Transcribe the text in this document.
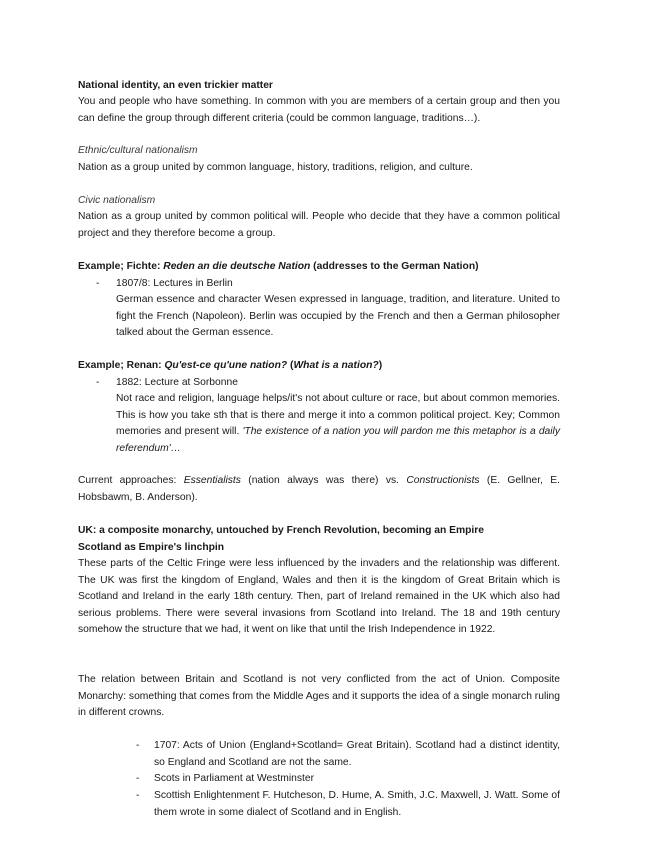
National identity, an even trickier matter

You and people who have something. In common with you are members of a certain group and then you can define the group through different criteria (could be common language, traditions…).

Ethnic/cultural nationalism

Nation as a group united by common language, history, traditions, religion, and culture.

Civic nationalism

Nation as a group united by common political will. People who decide that they have a common political project and they therefore become a group.

Example; Fichte: Reden an die deutsche Nation (addresses to the German Nation)

- 1807/8: Lectures in Berlin

German essence and character Wesen expressed in language, tradition, and literature. United to fight the French (Napoleon). Berlin was occupied by the French and then a German philosopher talked about the German essence.

Example; Renan: Qu'est-ce qu'une nation? (What is a nation?)

- 1882: Lecture at Sorbonne

Not race and religion, language helps/it's not about culture or race, but about common memories. This is how you take sth that is there and merge it into a common political project. Key; Common memories and present will. 'The existence of a nation you will pardon me this metaphor is a daily referendum'…

Current approaches: Essentialists (nation always was there) vs. Constructionists (E. Gellner, E. Hobsbawm, B. Anderson).

UK: a composite monarchy, untouched by French Revolution, becoming an Empire

Scotland as Empire's linchpin

These parts of the Celtic Fringe were less influenced by the invaders and the relationship was different. The UK was first the kingdom of England, Wales and then it is the kingdom of Great Britain which is Scotland and Ireland in the early 18th century. Then, part of Ireland remained in the UK which also had serious problems. There were several invasions from Scotland into Ireland. The 18 and 19th century somehow the structure that we had, it went on like that until the Irish Independence in 1922.

The relation between Britain and Scotland is not very conflicted from the act of Union. Composite Monarchy: something that comes from the Middle Ages and it supports the idea of a single monarch ruling in different crowns.

- 1707: Acts of Union (England+Scotland= Great Britain). Scotland had a distinct identity, so England and Scotland are not the same.

- Scots in Parliament at Westminster

- Scottish Enlightenment F. Hutcheson, D. Hume, A. Smith, J.C. Maxwell, J. Watt. Some of them wrote in some dialect of Scotland and in English.
